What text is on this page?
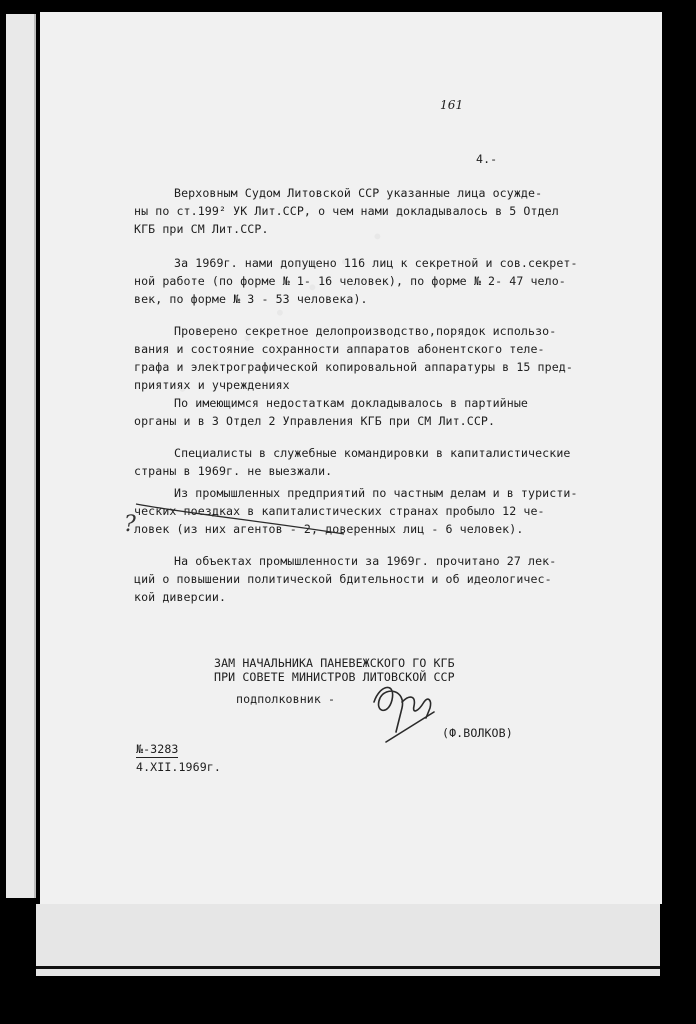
161
4.-
Верховным Судом Литовской ССР указанные лица осужде-
ны по ст.199² УК Лит.ССР, о чем нами докладывалось в 5 Отдел
КГБ при СМ Лит.ССР.
За 1969г. нами допущено 116 лиц к секретной и сов.секрет-
ной работе (по форме № 1- 16 человек), по форме № 2- 47 чело-
век, по форме № 3 - 53 человека).
Проверено секретное делопроизводство,порядок использо-
вания и состояние сохранности аппаратов абонентского теле-
графа и электрографической копировальной аппаратуры в 15 пред-
приятиях и учреждениях
По имеющимся недостаткам докладывалось в партийные
органы и в 3 Отдел 2 Управления КГБ при СМ Лит.ССР.
Специалисты в служебные командировки в капиталистические
страны в 1969г. не выезжали.
Из промышленных предприятий по частным делам и в туристи-
ческих поездках в капиталистических странах пробыло 12 че-
ловек (из них агентов - 2, доверенных лиц - 6 человек).
На объектах промышленности за 1969г. прочитано 27 лек-
ций о повышении политической бдительности и об идеологичес-
кой диверсии.
ЗАМ НАЧАЛЬНИКА ПАНЕВЕЖСКОГО ГО КГБ
ПРИ СОВЕТЕ МИНИСТРОВ ЛИТОВСКОЙ ССР
подполковник -
(Ф.ВОЛКОВ)
№-3283
4.XII.1969г.
?
